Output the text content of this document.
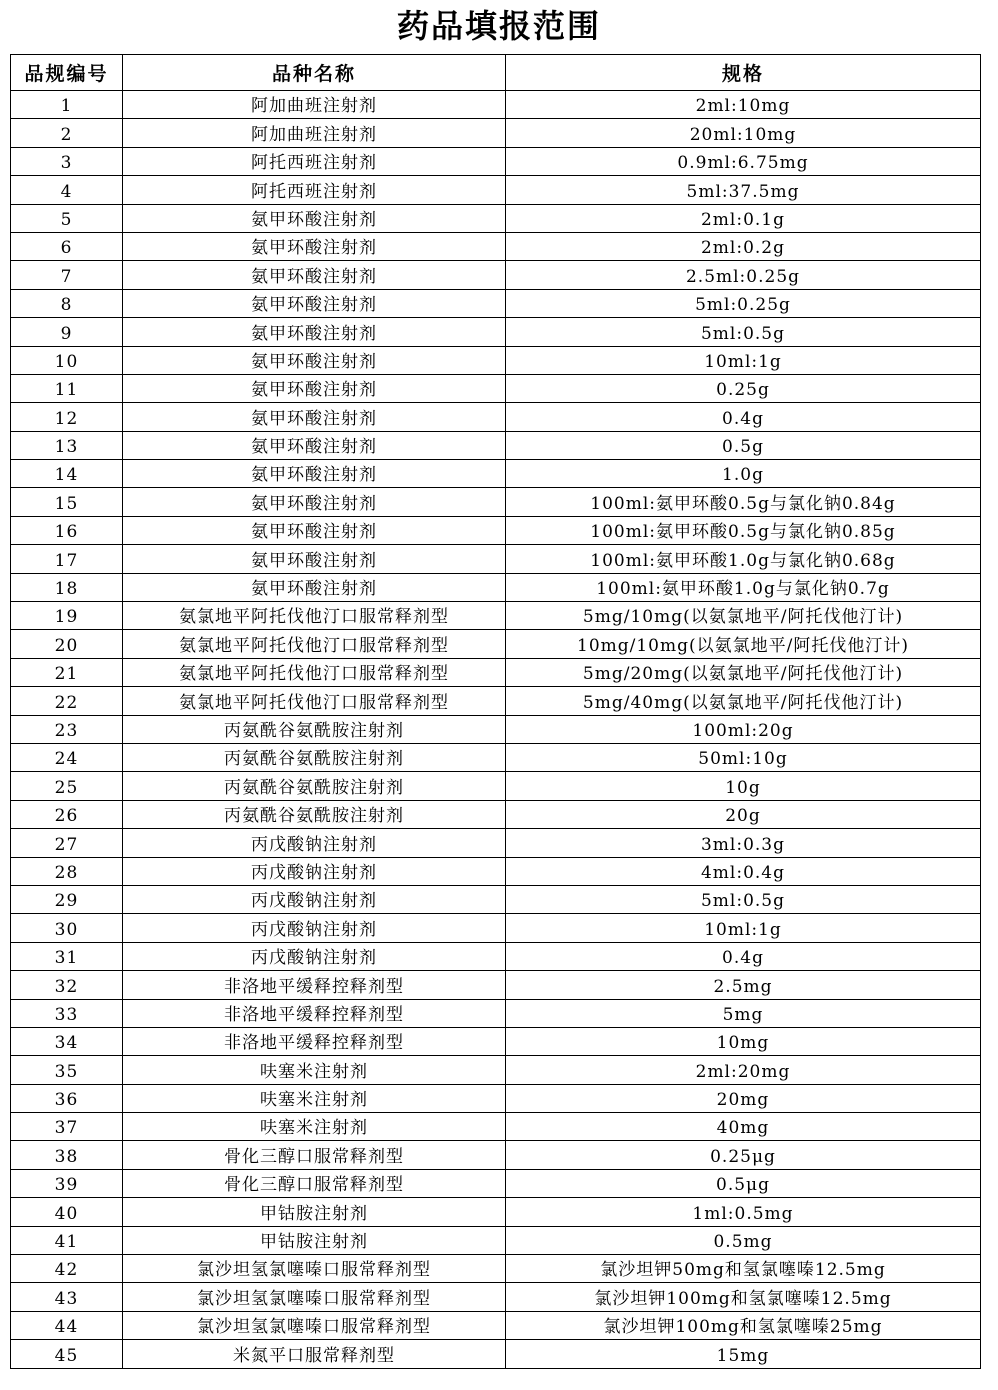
药品填报范围
品规编号	品种名称	规格
1	阿加曲班注射剂	2ml:10mg
2	阿加曲班注射剂	20ml:10mg
3	阿托西班注射剂	0.9ml:6.75mg
4	阿托西班注射剂	5ml:37.5mg
5	氨甲环酸注射剂	2ml:0.1g
6	氨甲环酸注射剂	2ml:0.2g
7	氨甲环酸注射剂	2.5ml:0.25g
8	氨甲环酸注射剂	5ml:0.25g
9	氨甲环酸注射剂	5ml:0.5g
10	氨甲环酸注射剂	10ml:1g
11	氨甲环酸注射剂	0.25g
12	氨甲环酸注射剂	0.4g
13	氨甲环酸注射剂	0.5g
14	氨甲环酸注射剂	1.0g
15	氨甲环酸注射剂	100ml:氨甲环酸0.5g与氯化钠0.84g
16	氨甲环酸注射剂	100ml:氨甲环酸0.5g与氯化钠0.85g
17	氨甲环酸注射剂	100ml:氨甲环酸1.0g与氯化钠0.68g
18	氨甲环酸注射剂	100ml:氨甲环酸1.0g与氯化钠0.7g
19	氨氯地平阿托伐他汀口服常释剂型	5mg/10mg(以氨氯地平/阿托伐他汀计)
20	氨氯地平阿托伐他汀口服常释剂型	10mg/10mg(以氨氯地平/阿托伐他汀计)
21	氨氯地平阿托伐他汀口服常释剂型	5mg/20mg(以氨氯地平/阿托伐他汀计)
22	氨氯地平阿托伐他汀口服常释剂型	5mg/40mg(以氨氯地平/阿托伐他汀计)
23	丙氨酰谷氨酰胺注射剂	100ml:20g
24	丙氨酰谷氨酰胺注射剂	50ml:10g
25	丙氨酰谷氨酰胺注射剂	10g
26	丙氨酰谷氨酰胺注射剂	20g
27	丙戊酸钠注射剂	3ml:0.3g
28	丙戊酸钠注射剂	4ml:0.4g
29	丙戊酸钠注射剂	5ml:0.5g
30	丙戊酸钠注射剂	10ml:1g
31	丙戊酸钠注射剂	0.4g
32	非洛地平缓释控释剂型	2.5mg
33	非洛地平缓释控释剂型	5mg
34	非洛地平缓释控释剂型	10mg
35	呋塞米注射剂	2ml:20mg
36	呋塞米注射剂	20mg
37	呋塞米注射剂	40mg
38	骨化三醇口服常释剂型	0.25μg
39	骨化三醇口服常释剂型	0.5μg
40	甲钴胺注射剂	1ml:0.5mg
41	甲钴胺注射剂	0.5mg
42	氯沙坦氢氯噻嗪口服常释剂型	氯沙坦钾50mg和氢氯噻嗪12.5mg
43	氯沙坦氢氯噻嗪口服常释剂型	氯沙坦钾100mg和氢氯噻嗪12.5mg
44	氯沙坦氢氯噻嗪口服常释剂型	氯沙坦钾100mg和氢氯噻嗪25mg
45	米氮平口服常释剂型	15mg
